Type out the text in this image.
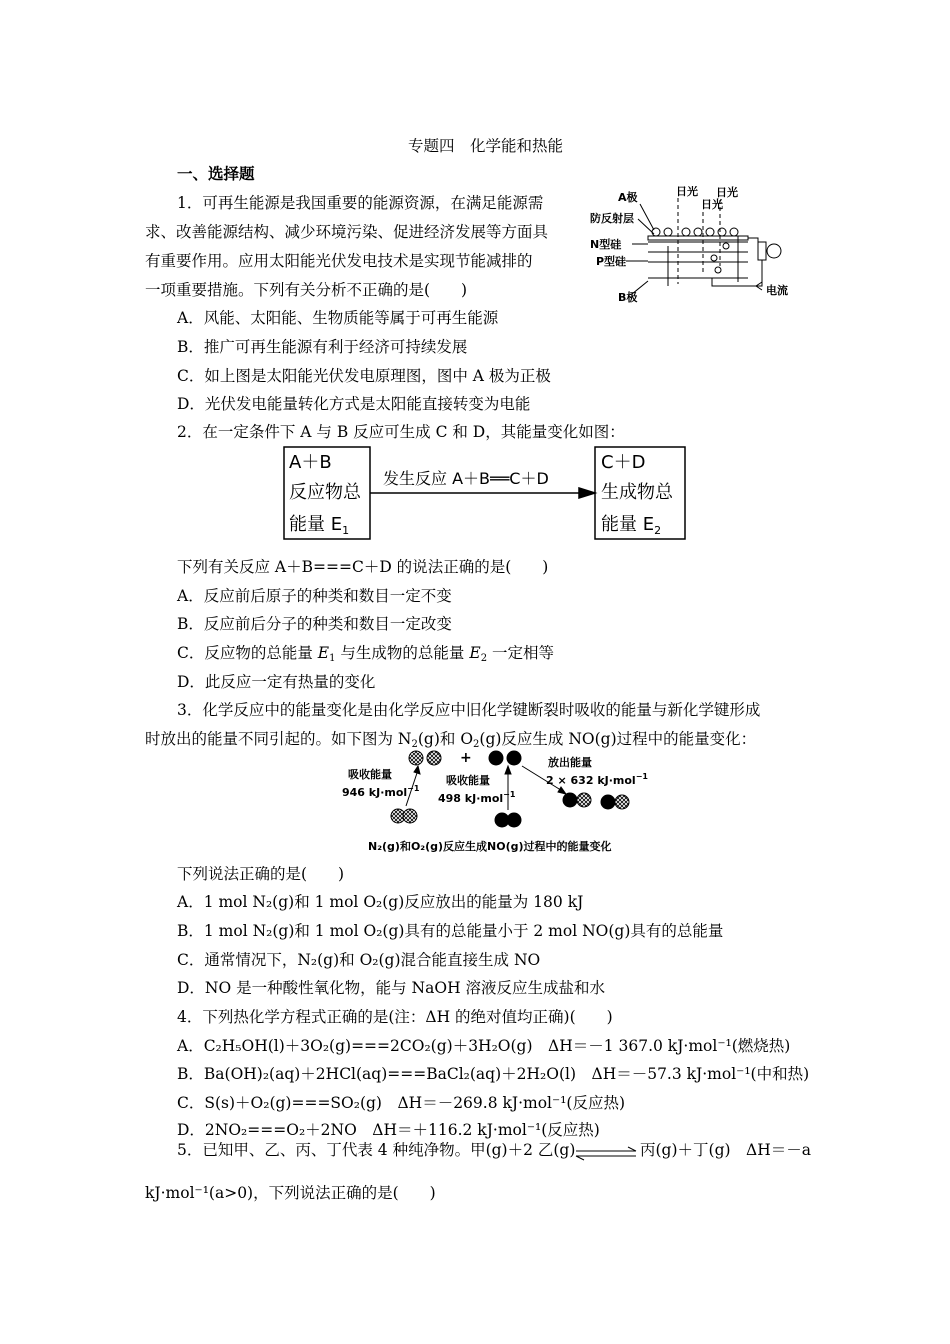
专题四　化学能和热能
一、选择题
1．可再生能源是我国重要的能源资源，在满足能源需
求、改善能源结构、减少环境污染、促进经济发展等方面具
有重要作用。应用太阳能光伏发电技术是实现节能减排的
一项重要措施。下列有关分析不正确的是(　　)
A．风能、太阳能、生物质能等属于可再生能源
B．推广可再生能源有利于经济可持续发展
C．如上图是太阳能光伏发电原理图，图中 A 极为正极
D．光伏发电能量转化方式是太阳能直接转变为电能
A极	日光
日光
日光
防反射层
N型硅
P型硅
B极
电流
2．在一定条件下 A 与 B 反应可生成 C 和 D，其能量变化如图：
A＋B
反应物总
能量 $E_1$
C＋D
生成物总
能量 $E_2$
发生反应 A＋B══C＋D
下列有关反应 A＋B===C＋D 的说法正确的是(　　)
A．反应前后原子的种类和数目一定不变
B．反应前后分子的种类和数目一定改变
C．反应物的总能量 $E_1$ 与生成物的总能量 $E_2$ 一定相等
D．此反应一定有热量的变化
3．化学反应中的能量变化是由化学反应中旧化学键断裂时吸收的能量与新化学键形成
时放出的能量不同引起的。如下图为 $N_2(g)$和 $O_2(g)$反应生成 NO(g)过程中的能量变化：
+
吸收能量
946 kJ·mol$^{-1}$
吸收能量
498 kJ·mol$^{-1}$
放出能量
2 × 632 kJ·mol$^{-1}$
N₂(g)和O₂(g)反应生成NO(g)过程中的能量变化
下列说法正确的是(　　)
A．1 mol N₂(g)和 1 mol O₂(g)反应放出的能量为 180 kJ
B．1 mol N₂(g)和 1 mol O₂(g)具有的总能量小于 2 mol NO(g)具有的总能量
C．通常情况下，N₂(g)和 O₂(g)混合能直接生成 NO
D．NO 是一种酸性氧化物，能与 NaOH 溶液反应生成盐和水
4．下列热化学方程式正确的是(注：ΔH 的绝对值均正确)(　　)
A．C₂H₅OH(l)＋3O₂(g)===2CO₂(g)＋3H₂O(g)　ΔH＝－1 367.0 kJ·mol⁻¹(燃烧热)
B．Ba(OH)₂(aq)＋2HCl(aq)===BaCl₂(aq)＋2H₂O(l)　ΔH＝－57.3 kJ·mol⁻¹(中和热)
C．S(s)＋O₂(g)===SO₂(g)　ΔH＝－269.8 kJ·mol⁻¹(反应热)
D．2NO₂===O₂＋2NO　ΔH＝＋116.2 kJ·mol⁻¹(反应热)
5．已知甲、乙、丙、丁代表 4 种纯净物。甲(g)＋2 乙(g)	丙(g)＋丁(g)　ΔH＝－a
kJ·mol⁻¹(a>0)，下列说法正确的是(　　)
